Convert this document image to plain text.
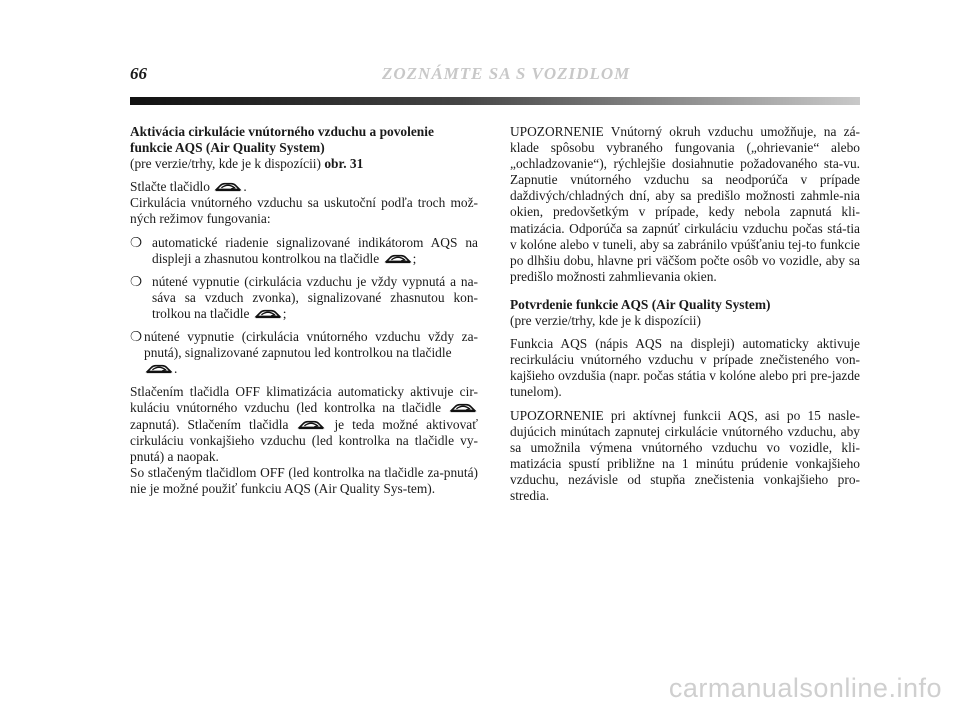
66	ZOZNÁMTE SA S VOZIDLOM
Aktivácia cirkulácie vnútorného vzduchu a povolenie
funkcie AQS (Air Quality System)

(pre verzie/trhy, kde je k dispozícii) obr. 31

Stlačte tlačidlo .
Cirkulácia vnútorného vzduchu sa uskutoční podľa troch mož-ných režimov fungovania:
❍ automatické riadenie signalizované indikátorom AQS na displeji a zhasnutou kontrolkou na tlačidle ;
❍ nútené vypnutie (cirkulácia vzduchu je vždy vypnutá a na-sáva sa vzduch zvonka), signalizované zhasnutou kon-trolkou na tlačidle ;
❍ nútené vypnutie (cirkulácia vnútorného vzduchu vždy za-pnutá), signalizované zapnutou led kontrolkou na tlačidle

.

Stlačením tlačidla OFF klimatizácia automaticky aktivuje cir-kuláciu vnútorného vzduchu (led kontrolka na tlačidle
zapnutá). Stlačením tlačidla	je teda možné aktivovať cirkuláciu vonkajšieho vzduchu (led kontrolka na tlačidle vy-pnutá) a naopak.
So stlačeným tlačidlom OFF (led kontrolka na tlačidle za-pnutá) nie je možné použiť funkciu AQS (Air Quality Sys-tem).

UPOZORNENIE Vnútorný okruh vzduchu umožňuje, na zá-klade spôsobu vybraného fungovania („ohrievanie“ alebo „ochladzovanie“), rýchlejšie dosiahnutie požadovaného sta-vu. Zapnutie vnútorného vzduchu sa neodporúča v prípade daždivých/chladných dní, aby sa predišlo možnosti zahmle-nia okien, predovšetkým v prípade, kedy nebola zapnutá kli-matizácia. Odporúča sa zapnúť cirkuláciu vzduchu počas stá-tia v kolóne alebo v tuneli, aby sa zabránilo vpúšťaniu tej-to funkcie po dlhšiu dobu, hlavne pri väčšom počte osôb vo vozidle, aby sa predišlo možnosti zahmlievania okien.

Potvrdenie funkcie AQS (Air Quality System)

(pre verzie/trhy, kde je k dispozícii)

Funkcia AQS (nápis AQS na displeji) automaticky aktivuje recirkuláciu vnútorného vzduchu v prípade znečisteného von-kajšieho ovzdušia (napr. počas státia v kolóne alebo pri pre-jazde tunelom).

UPOZORNENIE pri aktívnej funkcii AQS, asi po 15 nasle-dujúcich minútach zapnutej cirkulácie vnútorného vzduchu, aby sa umožnila výmena vnútorného vzduchu vo vozidle, kli-matizácia spustí približne na 1 minútu prúdenie vonkajšieho vzduchu, nezávisle od stupňa znečistenia vonkajšieho pro-stredia.

carmanualsonline.info
